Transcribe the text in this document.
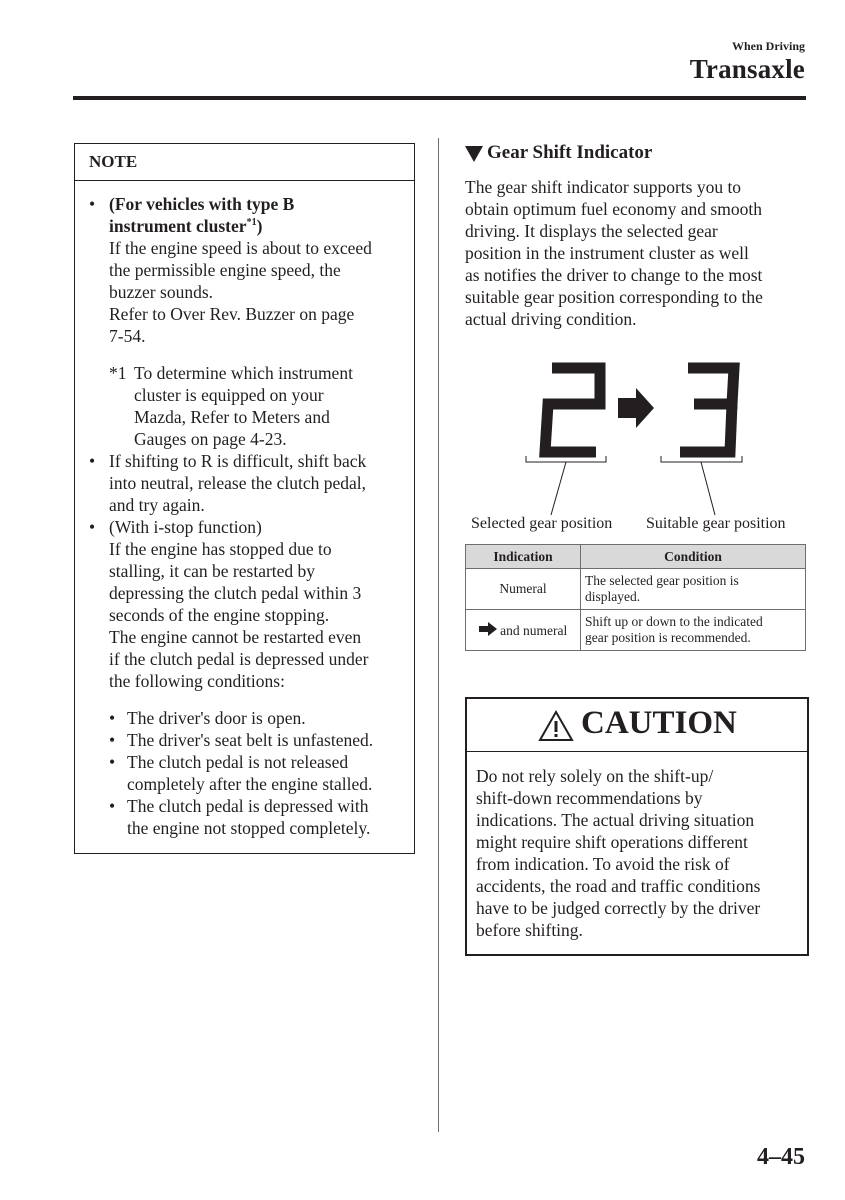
When Driving
Transaxle
NOTE
• (For vehicles with type B
instrument cluster$^{*1}$)
If the engine speed is about to exceed
the permissible engine speed, the
buzzer sounds.
Refer to Over Rev. Buzzer on page
7-54.
*1 To determine which instrument
cluster is equipped on your
Mazda, Refer to Meters and
Gauges on page 4-23.
• If shifting to R is difficult, shift back
into neutral, release the clutch pedal,
and try again.
• (With i-stop function)
If the engine has stopped due to
stalling, it can be restarted by
depressing the clutch pedal within 3
seconds of the engine stopping.
The engine cannot be restarted even
if the clutch pedal is depressed under
the following conditions:
• The driver's door is open.
• The driver's seat belt is unfastened.
• The clutch pedal is not released
completely after the engine stalled.
• The clutch pedal is depressed with
the engine not stopped completely.
Gear Shift Indicator
The gear shift indicator supports you to
obtain optimum fuel economy and smooth
driving. It displays the selected gear
position in the instrument cluster as well
as notifies the driver to change to the most
suitable gear position corresponding to the
actual driving condition.
Selected gear position Suitable gear position
Indication	Condition
Numeral	The selected gear position is
displayed.

and numeral	Shift up or down to the indicated
gear position is recommended.
CAUTION
Do not rely solely on the shift-up/
shift-down recommendations by
indications. The actual driving situation
might require shift operations different
from indication. To avoid the risk of
accidents, the road and traffic conditions
have to be judged correctly by the driver
before shifting.
4–45
